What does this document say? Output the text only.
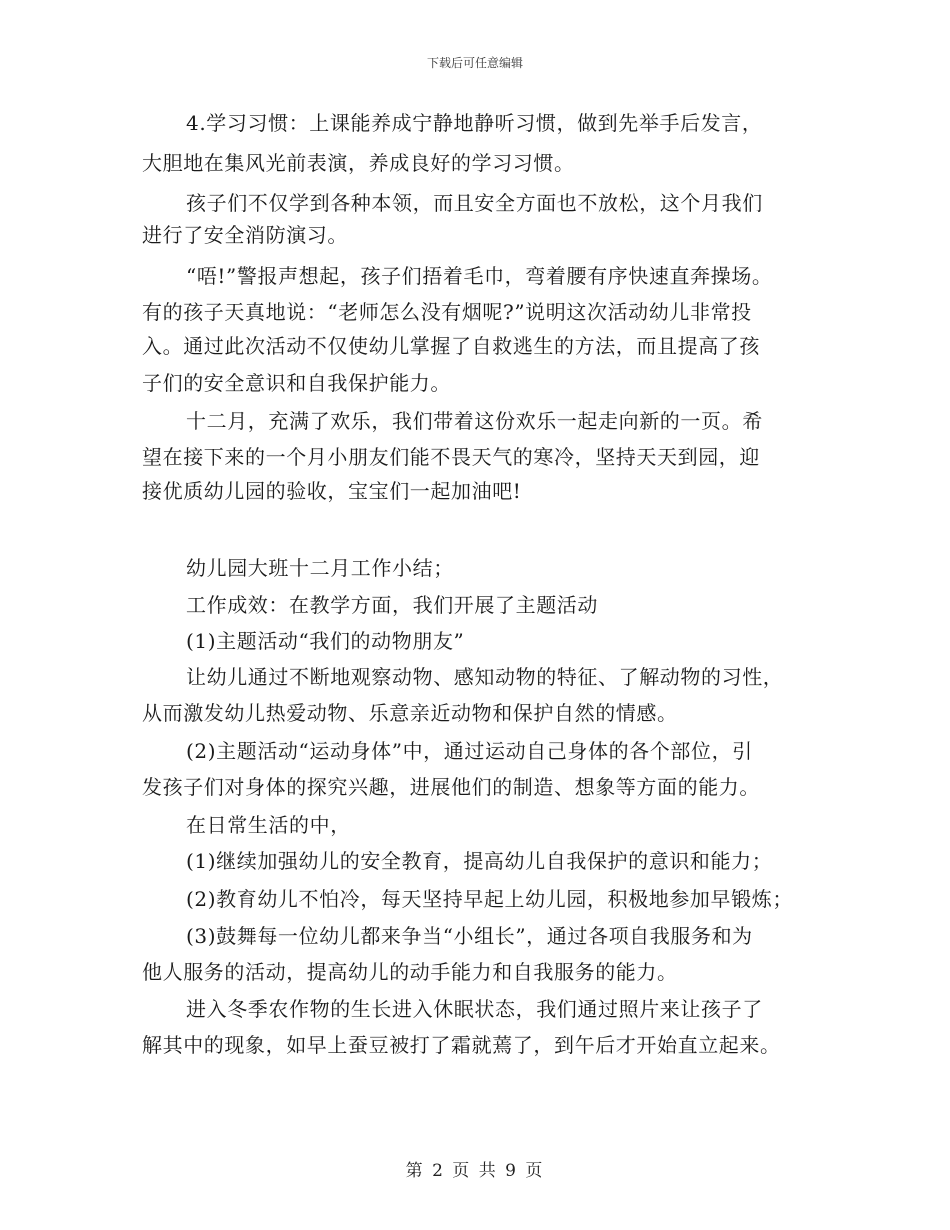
下载后可任意编辑
4.学习习惯：上课能养成宁静地静听习惯，做到先举手后发言，
大胆地在集风光前表演，养成良好的学习习惯。
孩子们不仅学到各种本领，而且安全方面也不放松，这个月我们
进行了安全消防演习。
“唔!”警报声想起，孩子们捂着毛巾，弯着腰有序快速直奔操场。
有的孩子天真地说：“老师怎么没有烟呢?”说明这次活动幼儿非常投
入。通过此次活动不仅使幼儿掌握了自救逃生的方法，而且提高了孩
子们的安全意识和自我保护能力。
十二月，充满了欢乐，我们带着这份欢乐一起走向新的一页。希
望在接下来的一个月小朋友们能不畏天气的寒冷，坚持天天到园，迎
接优质幼儿园的验收，宝宝们一起加油吧!
幼儿园大班十二月工作小结；
工作成效：在教学方面，我们开展了主题活动
(1)主题活动“我们的动物朋友”
让幼儿通过不断地观察动物、感知动物的特征、了解动物的习性，
从而激发幼儿热爱动物、乐意亲近动物和保护自然的情感。
(2)主题活动“运动身体”中，通过运动自己身体的各个部位，引
发孩子们对身体的探究兴趣，进展他们的制造、想象等方面的能力。
在日常生活的中，
(1)继续加强幼儿的安全教育，提高幼儿自我保护的意识和能力；
(2)教育幼儿不怕冷，每天坚持早起上幼儿园，积极地参加早锻炼；
(3)鼓舞每一位幼儿都来争当“小组长”，通过各项自我服务和为
他人服务的活动，提高幼儿的动手能力和自我服务的能力。
进入冬季农作物的生长进入休眠状态，我们通过照片来让孩子了
解其中的现象，如早上蚕豆被打了霜就蔫了，到午后才开始直立起来。
第 2 页 共 9 页
